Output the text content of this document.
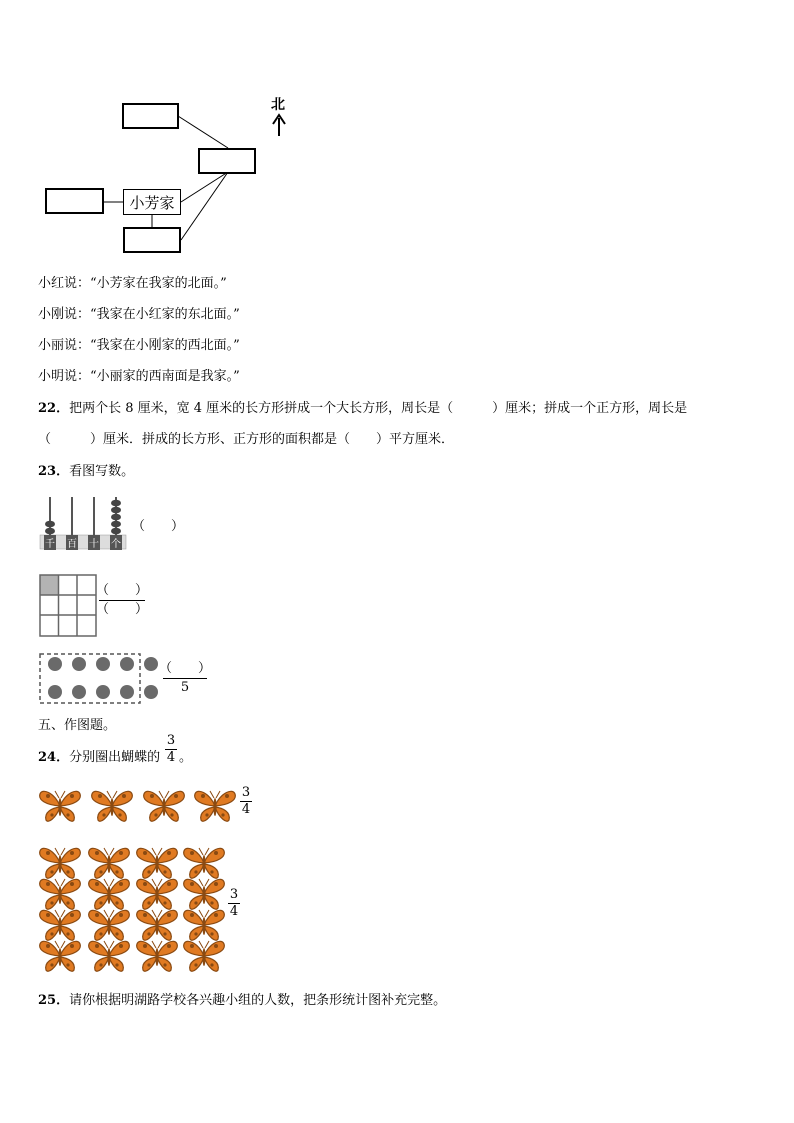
小芳家
北
小红说：“小芳家在我家的北面。”
小刚说：“我家在小红家的东北面。”
小丽说：“我家在小刚家的西北面。”
小明说：“小丽家的西南面是我家。”
22．把两个长 8 厘米，宽 4 厘米的长方形拼成一个大长方形，周长是（　　　）厘米；拼成一个正方形，周长是
（　　　）厘米．拼成的长方形、正方形的面积都是（　　）平方厘米．
23．看图写数。
千 百 十 个
（　　）
（　　）
（　　）
（　　）
5
五、作图题。
24．分别圈出蝴蝶的
3
4 。
3
4
3
4
25．请你根据明湖路学校各兴趣小组的人数，把条形统计图补充完整。
